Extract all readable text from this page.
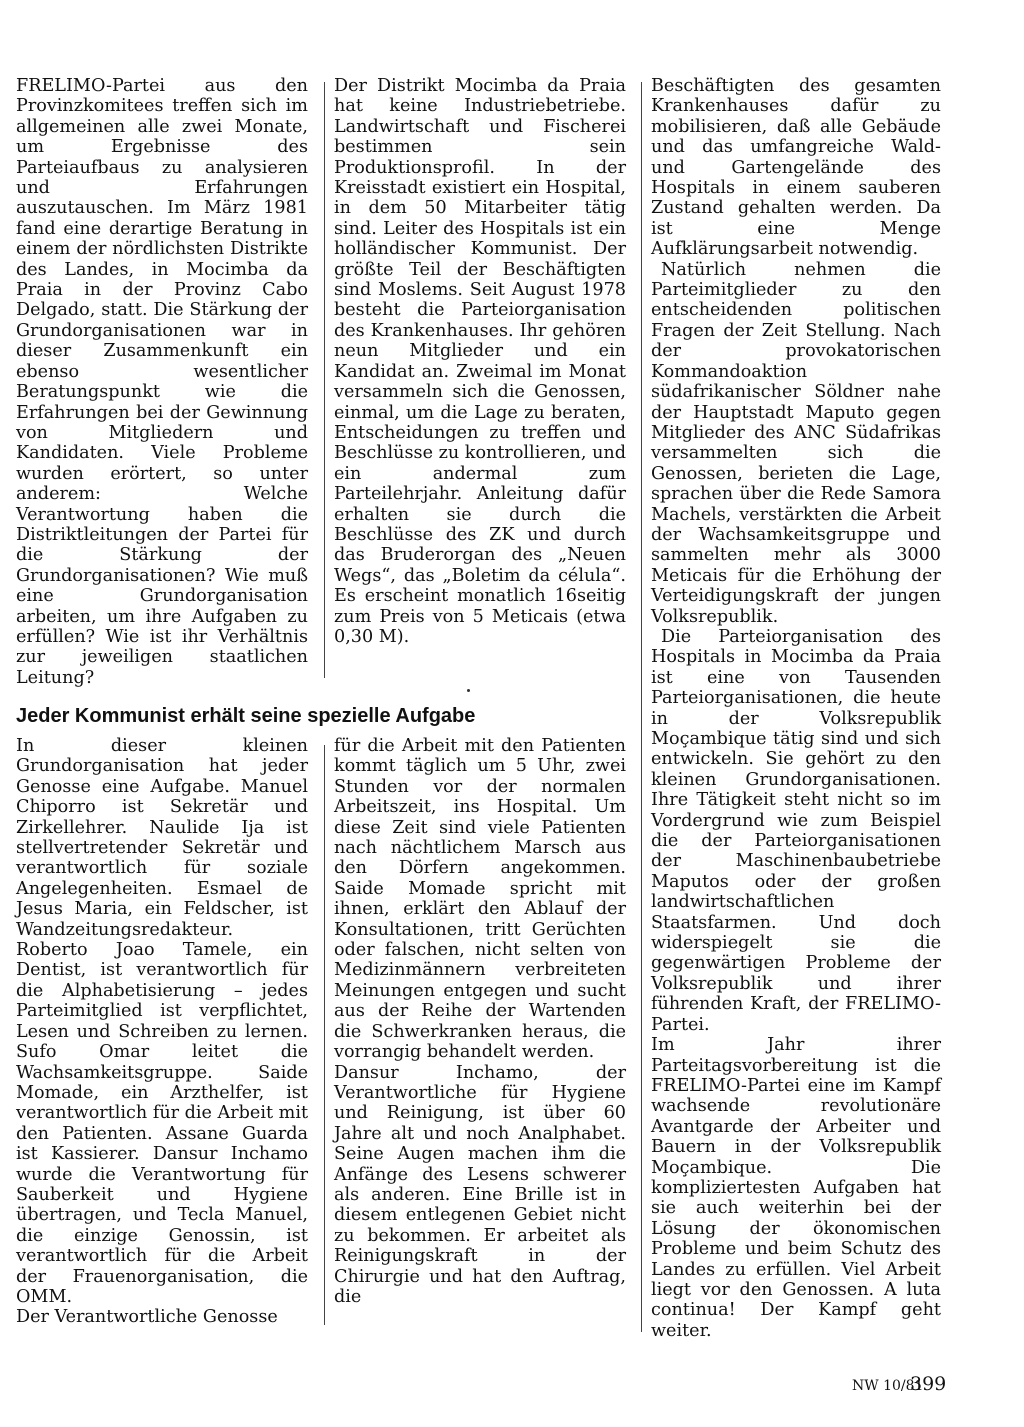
FRELIMO-Partei aus den Provinzkomitees treffen sich im allgemeinen alle zwei Monate, um Ergebnisse des Parteiaufbaus zu analysieren und Erfahrungen auszutauschen. Im März 1981 fand eine derartige Beratung in einem der nördlichsten Distrikte des Landes, in Mocimba da Praia in der Provinz Cabo Delgado, statt. Die Stärkung der Grundorganisationen war in dieser Zusammenkunft ein ebenso wesentlicher Beratungspunkt wie die Erfahrungen bei der Gewinnung von Mitgliedern und Kandidaten. Viele Probleme wurden erörtert, so unter anderem: Welche Verantwortung haben die Distriktleitungen der Partei für die Stärkung der Grundorganisationen? Wie muß eine Grundorganisation arbeiten, um ihre Aufgaben zu erfüllen? Wie ist ihr Verhältnis zur jeweiligen staatlichen Leitung?

Der Distrikt Mocimba da Praia hat keine Industriebetriebe. Landwirtschaft und Fischerei bestimmen sein Produktionsprofil. In der Kreisstadt existiert ein Hospital, in dem 50 Mitarbeiter tätig sind. Leiter des Hospitals ist ein holländischer Kommunist. Der größte Teil der Beschäftigten sind Moslems. Seit August 1978 besteht die Parteiorganisation des Krankenhauses. Ihr gehören neun Mitglieder und ein Kandidat an. Zweimal im Monat versammeln sich die Genossen, einmal, um die Lage zu beraten, Entscheidungen zu treffen und Beschlüsse zu kontrollieren, und ein andermal zum Parteilehrjahr. Anleitung dafür erhalten sie durch die Beschlüsse des ZK und durch das Bruderorgan des „Neuen Wegs“, das „Boletim da célula“. Es erscheint monatlich 16seitig zum Preis von 5 Meticais (etwa 0,30 M).

Jeder Kommunist erhält seine spezielle Aufgabe

In dieser kleinen Grundorganisation hat jeder Genosse eine Aufgabe. Manuel Chiporro ist Sekretär und Zirkellehrer. Naulide Ija ist stellvertretender Sekretär und verantwortlich für soziale Angelegenheiten. Esmael de Jesus Maria, ein Feldscher, ist Wandzeitungsredakteur. Roberto Joao Tamele, ein Dentist, ist verantwortlich für die Alphabetisierung – jedes Parteimitglied ist verpflichtet, Lesen und Schreiben zu lernen. Sufo Omar leitet die Wachsamkeitsgruppe. Saide Momade, ein Arzthelfer, ist verantwortlich für die Arbeit mit den Patienten. Assane Guarda ist Kassierer. Dansur Inchamo wurde die Verantwortung für Sauberkeit und Hygiene übertragen, und Tecla Manuel, die einzige Genossin, ist verantwortlich für die Arbeit der Frauenorganisation, die OMM.

Der Verantwortliche Genosse

für die Arbeit mit den Patienten kommt täglich um 5 Uhr, zwei Stunden vor der normalen Arbeitszeit, ins Hospital. Um diese Zeit sind viele Patienten nach nächtlichem Marsch aus den Dörfern angekommen. Saide Momade spricht mit ihnen, erklärt den Ablauf der Konsultationen, tritt Gerüchten oder falschen, nicht selten von Medizinmännern verbreiteten Meinungen entgegen und sucht aus der Reihe der Wartenden die Schwerkranken heraus, die vorrangig behandelt werden.

Dansur Inchamo, der Verantwortliche für Hygiene und Reinigung, ist über 60 Jahre alt und noch Analphabet. Seine Augen machen ihm die Anfänge des Lesens schwerer als anderen. Eine Brille ist in diesem entlegenen Gebiet nicht zu bekommen. Er arbeitet als Reinigungskraft in der Chirurgie und hat den Auftrag, die

Beschäftigten des gesamten Krankenhauses dafür zu mobilisieren, daß alle Gebäude und das umfangreiche Wald- und Gartengelände des Hospitals in einem sauberen Zustand gehalten werden. Da ist eine Menge Aufklärungsarbeit notwendig.

Natürlich nehmen die Parteimitglieder zu den entscheidenden politischen Fragen der Zeit Stellung. Nach der provokatorischen Kommandoaktion südafrikanischer Söldner nahe der Hauptstadt Maputo gegen Mitglieder des ANC Südafrikas versammelten sich die Genossen, berieten die Lage, sprachen über die Rede Samora Machels, verstärkten die Arbeit der Wachsamkeitsgruppe und sammelten mehr als 3000 Meticais für die Erhöhung der Verteidigungskraft der jungen Volksrepublik.

Die Parteiorganisation des Hospitals in Mocimba da Praia ist eine von Tausenden Parteiorganisationen, die heute in der Volksrepublik Moçambique tätig sind und sich entwickeln. Sie gehört zu den kleinen Grundorganisationen. Ihre Tätigkeit steht nicht so im Vordergrund wie zum Beispiel die der Parteiorganisationen der Maschinenbaubetriebe Maputos oder der großen landwirtschaftlichen Staatsfarmen. Und doch widerspiegelt sie die gegenwärtigen Probleme der Volksrepublik und ihrer führenden Kraft, der FRELIMO-Partei.

Im Jahr ihrer Parteitagsvorbereitung ist die FRELIMO-Partei eine im Kampf wachsende revolutionäre Avantgarde der Arbeiter und Bauern in der Volksrepublik Moçambique. Die kompliziertesten Aufgaben hat sie auch weiterhin bei der Lösung der ökonomischen Probleme und beim Schutz des Landes zu erfüllen. Viel Arbeit liegt vor den Genossen. A luta continua! Der Kampf geht weiter.

NW 10/81
399
